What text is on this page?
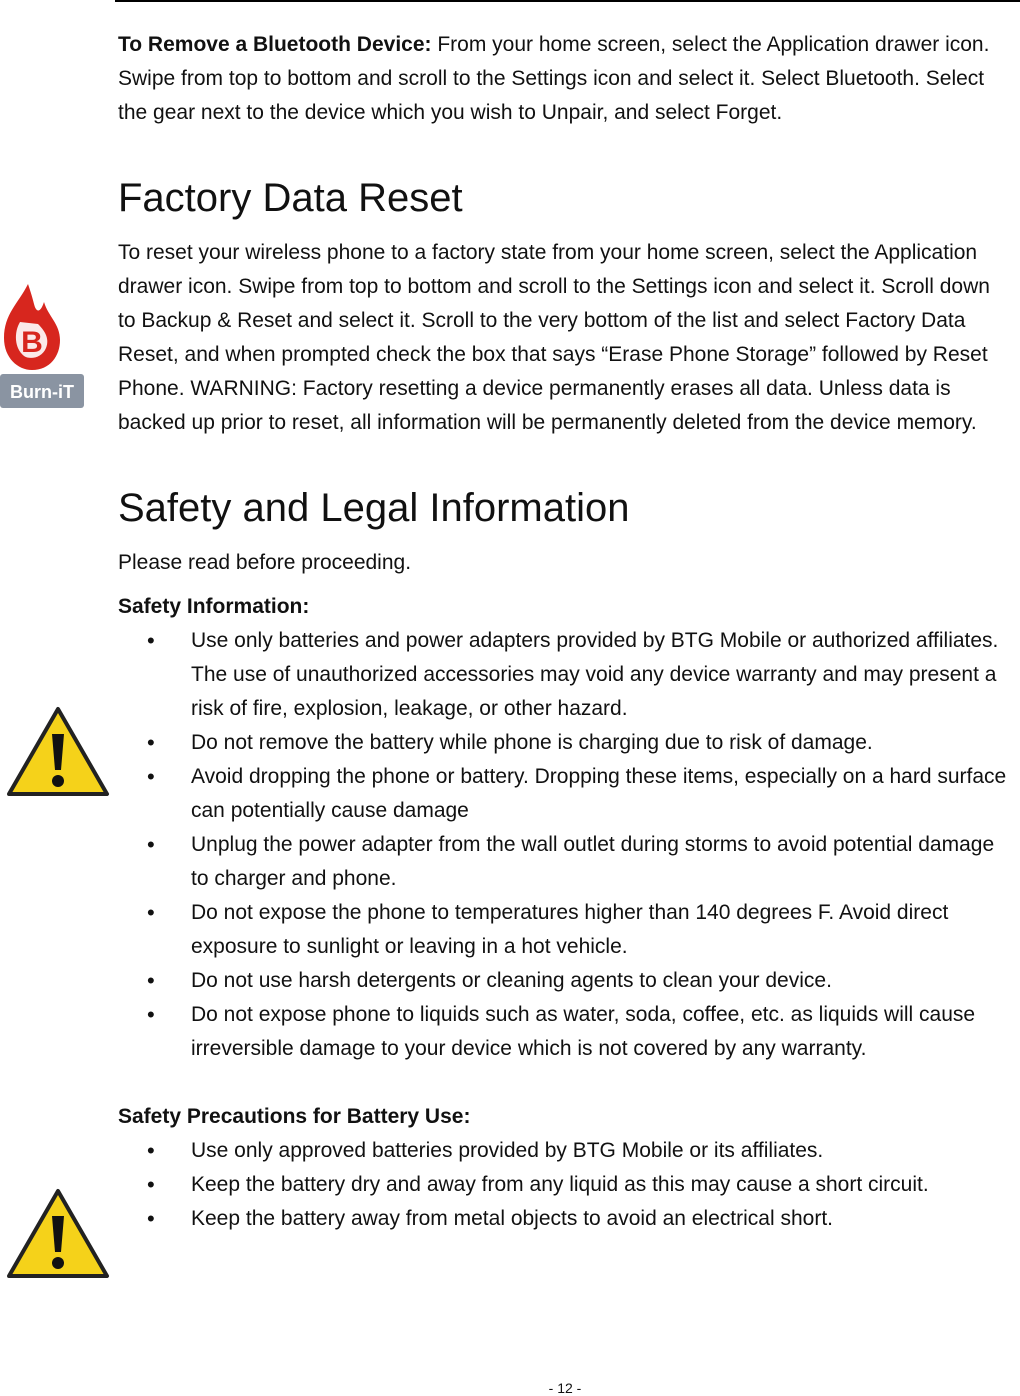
B
Burn-iT

To Remove a Bluetooth Device: From your home screen, select the Application drawer icon. Swipe from top to bottom and scroll to the Settings icon and select it. Select Bluetooth. Select the gear next to the device which you wish to Unpair, and select Forget.

Factory Data Reset

To reset your wireless phone to a factory state from your home screen, select the Application drawer icon. Swipe from top to bottom and scroll to the Settings icon and select it. Scroll down to Backup & Reset and select it. Scroll to the very bottom of the list and select Factory Data Reset, and when prompted check the box that says “Erase Phone Storage” followed by Reset Phone. WARNING: Factory resetting a device permanently erases all data. Unless data is backed up prior to reset, all information will be permanently deleted from the device memory.

Safety and Legal Information

Please read before proceeding.

Safety Information:
• Use only batteries and power adapters provided by BTG Mobile or authorized affiliates. The use of unauthorized accessories may void any device warranty and may present a risk of fire, explosion, leakage, or other hazard.
• Do not remove the battery while phone is charging due to risk of damage.
• Avoid dropping the phone or battery. Dropping these items, especially on a hard surface can potentially cause damage
• Unplug the power adapter from the wall outlet during storms to avoid potential damage to charger and phone.
• Do not expose the phone to temperatures higher than 140 degrees F. Avoid direct exposure to sunlight or leaving in a hot vehicle.
• Do not use harsh detergents or cleaning agents to clean your device.
• Do not expose phone to liquids such as water, soda, coffee, etc. as liquids will cause irreversible damage to your device which is not covered by any warranty.
Safety Precautions for Battery Use:
• Use only approved batteries provided by BTG Mobile or its affiliates.
• Keep the battery dry and away from any liquid as this may cause a short circuit.
• Keep the battery away from metal objects to avoid an electrical short.
- 12 -
